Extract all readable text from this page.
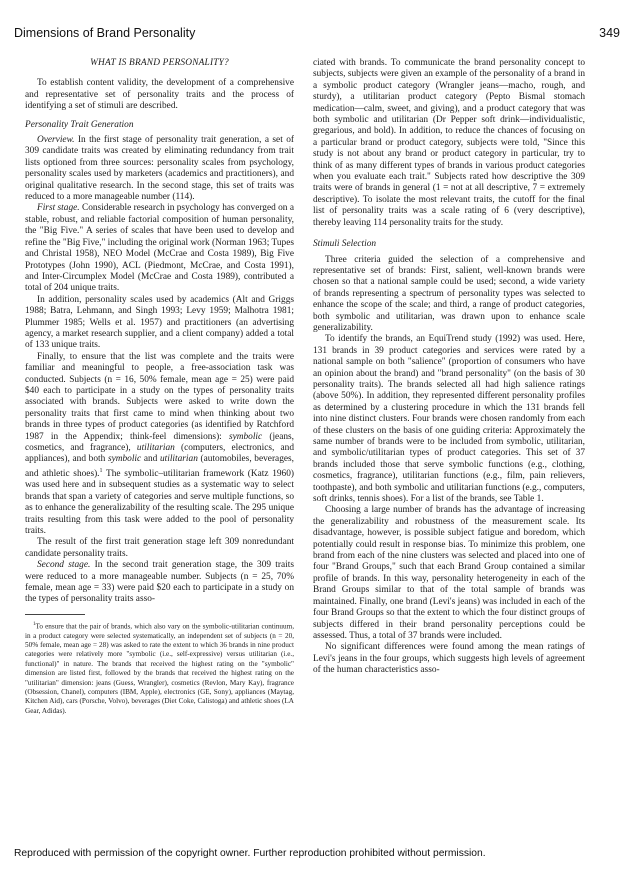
Dimensions of Brand Personality	349
WHAT IS BRAND PERSONALITY?

To establish content validity, the development of a comprehensive and representative set of personality traits and the process of identifying a set of stimuli are described.

Personality Trait Generation

Overview. In the first stage of personality trait generation, a set of 309 candidate traits was created by eliminating redundancy from trait lists optioned from three sources: personality scales from psychology, personality scales used by marketers (academics and practitioners), and original qualitative research. In the second stage, this set of traits was reduced to a more manageable number (114).

First stage. Considerable research in psychology has converged on a stable, robust, and reliable factorial composition of human personality, the "Big Five." A series of scales that have been used to develop and refine the "Big Five," including the original work (Norman 1963; Tupes and Christal 1958), NEO Model (McCrae and Costa 1989), Big Five Prototypes (John 1990), ACL (Piedmont, McCrae, and Costa 1991), and Inter-Circumplex Model (McCrae and Costa 1989), contributed a total of 204 unique traits.

In addition, personality scales used by academics (Alt and Griggs 1988; Batra, Lehmann, and Singh 1993; Levy 1959; Malhotra 1981; Plummer 1985; Wells et al. 1957) and practitioners (an advertising agency, a market research supplier, and a client company) added a total of 133 unique traits.

Finally, to ensure that the list was complete and the traits were familiar and meaningful to people, a free-association task was conducted. Subjects (n = 16, 50% female, mean age = 25) were paid $40 each to participate in a study on the types of personality traits associated with brands. Subjects were asked to write down the personality traits that first came to mind when thinking about two brands in three types of product categories (as identified by Ratchford 1987 in the Appendix; think-feel dimensions): symbolic (jeans, cosmetics, and fragrance), utilitarian (computers, electronics, and appliances), and both symbolic and utilitarian (automobiles, beverages, and athletic shoes).$^1$ The symbolic–utilitarian framework (Katz 1960) was used here and in subsequent studies as a systematic way to select brands that span a variety of categories and serve multiple functions, so as to enhance the generalizability of the resulting scale. The 295 unique traits resulting from this task were added to the pool of personality traits.

The result of the first trait generation stage left 309 nonredundant candidate personality traits.

Second stage. In the second trait generation stage, the 309 traits were reduced to a more manageable number. Subjects (n = 25, 70% female, mean age = 33) were paid $20 each to participate in a study on the types of personality traits asso-

$^1$To ensure that the pair of brands, which also vary on the symbolic-utilitarian continuum, in a product category were selected systematically, an independent set of subjects (n = 20, 50% female, mean age = 28) was asked to rate the extent to which 36 brands in nine product categories were relatively more "symbolic (i.e., self-expressive) versus utilitarian (i.e., functional)" in nature. The brands that received the highest rating on the "symbolic" dimension are listed first, followed by the brands that received the highest rating on the "utilitarian" dimension: jeans (Guess, Wrangler), cosmetics (Revlon, Mary Kay), fragrance (Obsession, Chanel), computers (IBM, Apple), electronics (GE, Sony), appliances (Maytag, Kitchen Aid), cars (Porsche, Volvo), beverages (Diet Coke, Calistoga) and athletic shoes (LA Gear, Adidas).

ciated with brands. To communicate the brand personality concept to subjects, subjects were given an example of the personality of a brand in a symbolic product category (Wrangler jeans—macho, rough, and sturdy), a utilitarian product category (Pepto Bismal stomach medication—calm, sweet, and giving), and a product category that was both symbolic and utilitarian (Dr Pepper soft drink—individualistic, gregarious, and bold). In addition, to reduce the chances of focusing on a particular brand or product category, subjects were told, "Since this study is not about any brand or product category in particular, try to think of as many different types of brands in various product categories when you evaluate each trait." Subjects rated how descriptive the 309 traits were of brands in general (1 = not at all descriptive, 7 = extremely descriptive). To isolate the most relevant traits, the cutoff for the final list of personality traits was a scale rating of 6 (very descriptive), thereby leaving 114 personality traits for the study.

Stimuli Selection

Three criteria guided the selection of a comprehensive and representative set of brands: First, salient, well-known brands were chosen so that a national sample could be used; second, a wide variety of brands representing a spectrum of personality types was selected to enhance the scope of the scale; and third, a range of product categories, both symbolic and utilitarian, was drawn upon to enhance scale generalizability.

To identify the brands, an EquiTrend study (1992) was used. Here, 131 brands in 39 product categories and services were rated by a national sample on both "salience" (proportion of consumers who have an opinion about the brand) and "brand personality" (on the basis of 30 personality traits). The brands selected all had high salience ratings (above 50%). In addition, they represented different personality profiles as determined by a clustering procedure in which the 131 brands fell into nine distinct clusters. Four brands were chosen randomly from each of these clusters on the basis of one guiding criteria: Approximately the same number of brands were to be included from symbolic, utilitarian, and symbolic/utilitarian types of product categories. This set of 37 brands included those that serve symbolic functions (e.g., clothing, cosmetics, fragrance), utilitarian functions (e.g., film, pain relievers, toothpaste), and both symbolic and utilitarian functions (e.g., computers, soft drinks, tennis shoes). For a list of the brands, see Table 1.

Choosing a large number of brands has the advantage of increasing the generalizability and robustness of the measurement scale. Its disadvantage, however, is possible subject fatigue and boredom, which potentially could result in response bias. To minimize this problem, one brand from each of the nine clusters was selected and placed into one of four "Brand Groups," such that each Brand Group contained a similar profile of brands. In this way, personality heterogeneity in each of the Brand Groups similar to that of the total sample of brands was maintained. Finally, one brand (Levi's jeans) was included in each of the four Brand Groups so that the extent to which the four distinct groups of subjects differed in their brand personality perceptions could be assessed. Thus, a total of 37 brands were included.

No significant differences were found among the mean ratings of Levi's jeans in the four groups, which suggests high levels of agreement of the human characteristics asso-

Reproduced with permission of the copyright owner. Further reproduction prohibited without permission.
